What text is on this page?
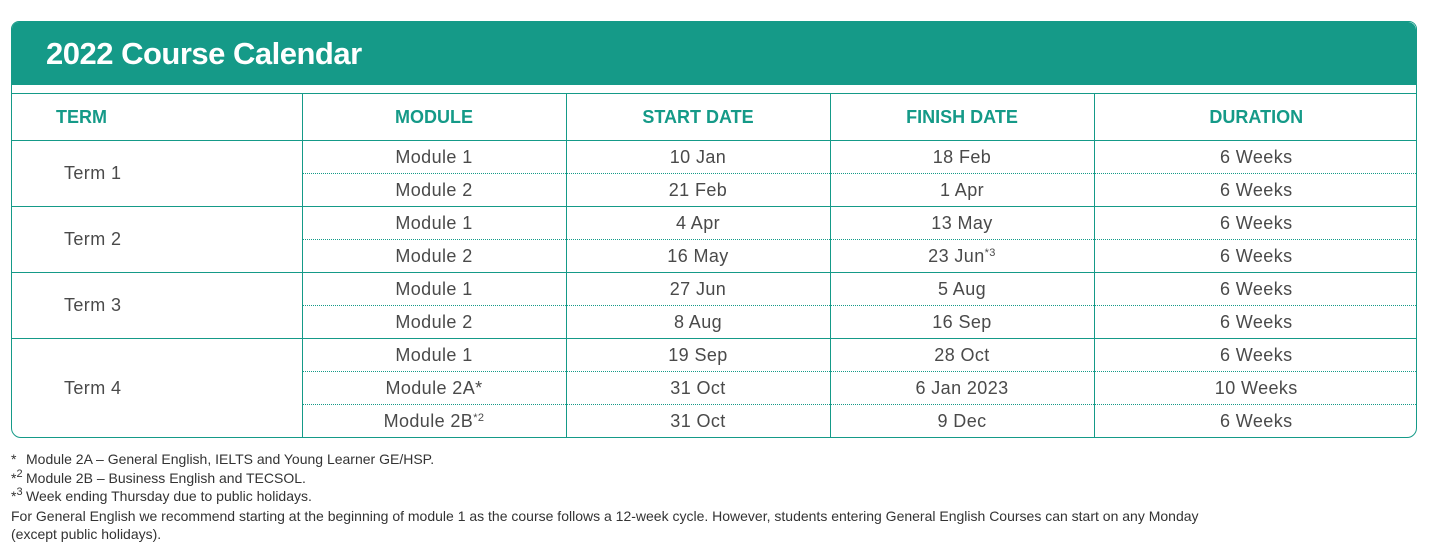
2022 Course Calendar
TERM	MODULE	START DATE	FINISH DATE	DURATION
Term 1	Module 1	10 Jan	18 Feb	6 Weeks
	Module 2	21 Feb	1 Apr	6 Weeks
Term 2	Module 1	4 Apr	13 May	6 Weeks
	Module 2	16 May	23 Jun$^{*3}$	6 Weeks
Term 3	Module 1	27 Jun	5 Aug	6 Weeks
	Module 2	8 Aug	16 Sep	6 Weeks
Term 4	Module 1	19 Sep	28 Oct	6 Weeks
	Module 2A*	31 Oct	6 Jan 2023	10 Weeks
	Module $2B^{*2}$	31 Oct	9 Dec	6 Weeks
* Module 2A – General English, IELTS and Young Learner GE/HSP.
*$^2$ Module 2B – Business English and TECSOL.
*$^3$ Week ending Thursday due to public holidays.
For General English we recommend starting at the beginning of module 1 as the course follows a 12-week cycle. However, students entering General English Courses can start on any Monday (except public holidays).
